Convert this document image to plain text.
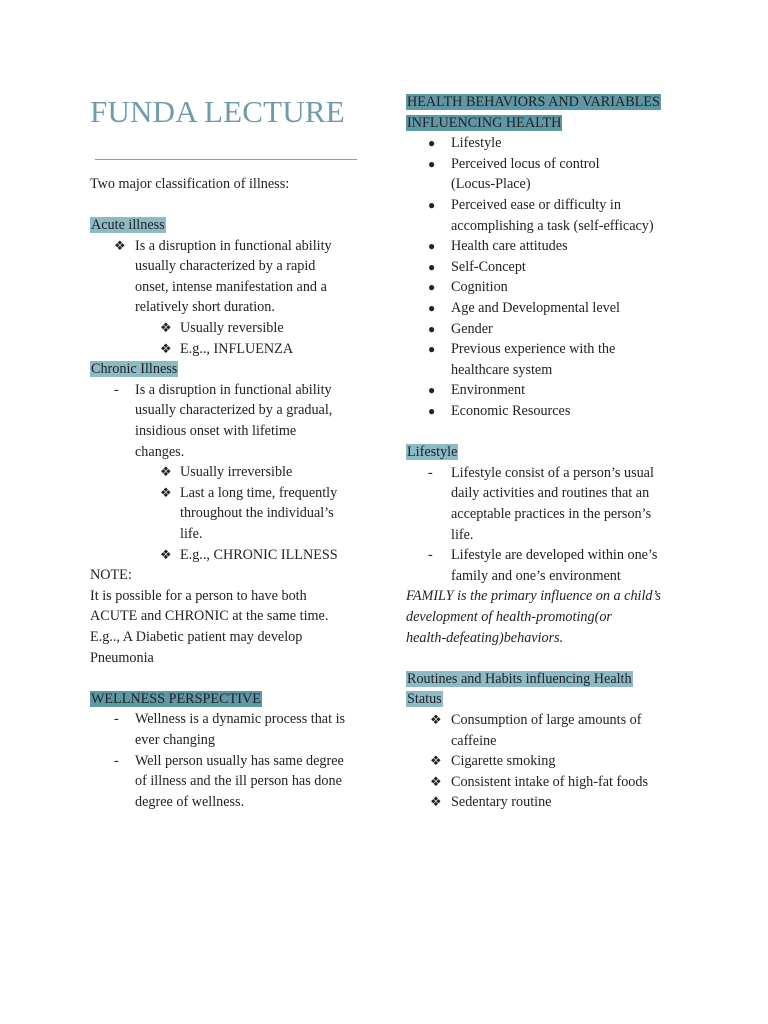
FUNDA LECTURE
Two major classification of illness:
Acute illness
❖ Is a disruption in functional ability
usually characterized by a rapid
onset, intense manifestation and a
relatively short duration.
❖ Usually reversible
❖ E.g.., INFLUENZA
Chronic Illness
- Is a disruption in functional ability
usually characterized by a gradual,
insidious onset with lifetime
changes.
❖ Usually irreversible
❖ Last a long time, frequently
throughout the individual’s
life.
❖ E.g.., CHRONIC ILLNESS
NOTE:
It is possible for a person to have both
ACUTE and CHRONIC at the same time.
E.g.., A Diabetic patient may develop
Pneumonia
WELLNESS PERSPECTIVE
- Wellness is a dynamic process that is
ever changing
- Well person usually has same degree
of illness and the ill person has done
degree of wellness.
HEALTH BEHAVIORS AND VARIABLES
INFLUENCING HEALTH
● Lifestyle
● Perceived locus of control
(Locus-Place)
● Perceived ease or difficulty in
accomplishing a task (self-efficacy)
● Health care attitudes
● Self-Concept
● Cognition
● Age and Developmental level
● Gender
● Previous experience with the
healthcare system
● Environment
● Economic Resources
Lifestyle
- Lifestyle consist of a person’s usual
daily activities and routines that an
acceptable practices in the person’s
life.
- Lifestyle are developed within one’s
family and one’s environment
FAMILY is the primary influence on a child’s
development of health-promoting(or
health-defeating)behaviors.
Routines and Habits influencing Health
Status
❖ Consumption of large amounts of
caffeine
❖ Cigarette smoking
❖ Consistent intake of high-fat foods
❖ Sedentary routine
